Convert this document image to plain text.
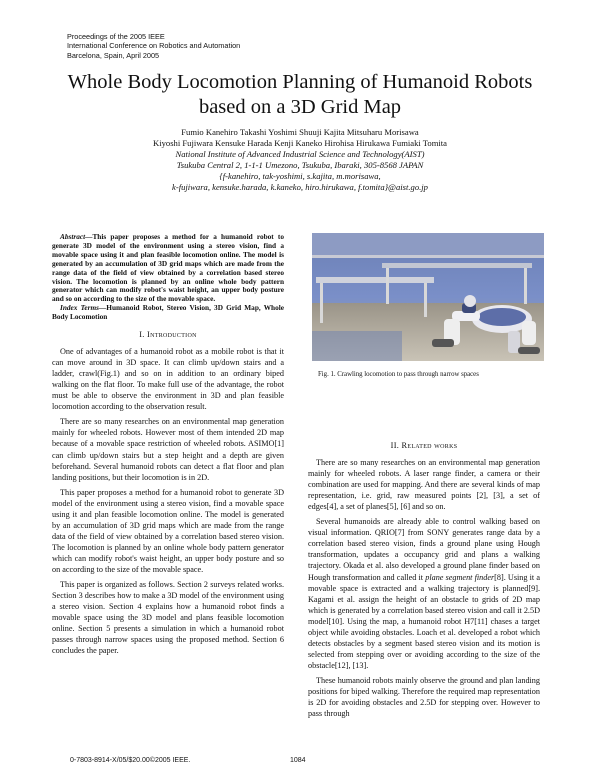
Proceedings of the 2005 IEEE
International Conference on Robotics and Automation
Barcelona, Spain, April 2005
Whole Body Locomotion Planning of Humanoid Robots
based on a 3D Grid Map
Fumio Kanehiro Takashi Yoshimi Shuuji Kajita Mitsuharu Morisawa
Kiyoshi Fujiwara Kensuke Harada Kenji Kaneko Hirohisa Hirukawa Fumiaki Tomita
National Institute of Advanced Industrial Science and Technology(AIST)
Tsukuba Central 2, 1-1-1 Umezono, Tsukuba, Ibaraki, 305-8568 JAPAN
{f-kanehiro, tak-yoshimi, s.kajita, m.morisawa,
k-fujiwara, kensuke.harada, k.kaneko, hiro.hirukawa, f.tomita}@aist.go.jp

Abstract—This paper proposes a method for a humanoid robot to generate 3D model of the environment using a stereo vision, find a movable space using it and plan feasible locomotion online. The model is generated by an accumulation of 3D grid maps which are made from the range data of the field of view obtained by a correlation based stereo vision. The locomotion is planned by an online whole body pattern generator which can modify robot's waist height, an upper body posture and so on according to the size of the movable space.

Index Terms—Humanoid Robot, Stereo Vision, 3D Grid Map, Whole Body Locomotion

I. Introduction

One of advantages of a humanoid robot as a mobile robot is that it can move around in 3D space. It can climb up/down stairs and a ladder, crawl(Fig.1) and so on in addition to an ordinary biped walking on the flat floor. To make full use of the advantage, the robot must be able to observe the environment in 3D and plan feasible locomotion according to the observation result.

There are so many researches on an environmental map generation mainly for wheeled robots. However most of them intended 2D map because of a movable space restriction of wheeled robots. ASIMO[1] can climb up/down stairs but a step height and a depth are given beforehand. Several humanoid robots can detect a flat floor and plan landing positions, but their locomotion is in 2D.

This paper proposes a method for a humanoid robot to generate 3D model of the environment using a stereo vision, find a movable space using it and plan feasible locomotion online. The model is generated by an accumulation of 3D grid maps which are made from the range data of the field of view obtained by a correlation based stereo vision. The locomotion is planned by an online whole body pattern generator which can modify robot's waist height, an upper body posture and so on according to the size of the movable space.

This paper is organized as follows. Section 2 surveys related works. Section 3 describes how to make a 3D model of the environment using a stereo vision. Section 4 explains how a humanoid robot finds a movable space using the 3D model and plans feasible locomotion online. Section 5 presents a simulation in which a humanoid robot passes through narrow spaces using the proposed method. Section 6 concludes the paper.

Fig. 1. Crawling locomotion to pass through narrow spaces
II. Related works

There are so many researches on an environmental map generation mainly for wheeled robots. A laser range finder, a camera or their combination are used for mapping. And there are several kinds of map representation, i.e. grid, raw measured points [2], [3], a set of edges[4], a set of planes[5], [6] and so on.

Several humanoids are already able to control walking based on visual information. QRIO[7] from SONY generates range data by a correlation based stereo vision, finds a ground plane using Hough transformation, updates a occupancy grid and plans a walking trajectory. Okada et al. also developed a ground plane finder based on Hough transformation and called it plane segment finder[8]. Using it a movable space is extracted and a walking trajectory is planned[9]. Kagami et al. assign the height of an obstacle to grids of 2D map which is generated by a correlation based stereo vision and call it 2.5D model[10]. Using the map, a humanoid robot H7[11] chases a target object while avoiding obstacles. Loach et al. developed a robot which detects obstacles by a segment based stereo vision and its motion is selected from stepping over or avoiding according to the size of the obstacle[12], [13].

These humanoid robots mainly observe the ground and plan landing positions for biped walking. Therefore the required map representation is 2D for avoiding obstacles and 2.5D for stepping over. However to pass through

0-7803-8914-X/05/$20.00©2005 IEEE.	1084
